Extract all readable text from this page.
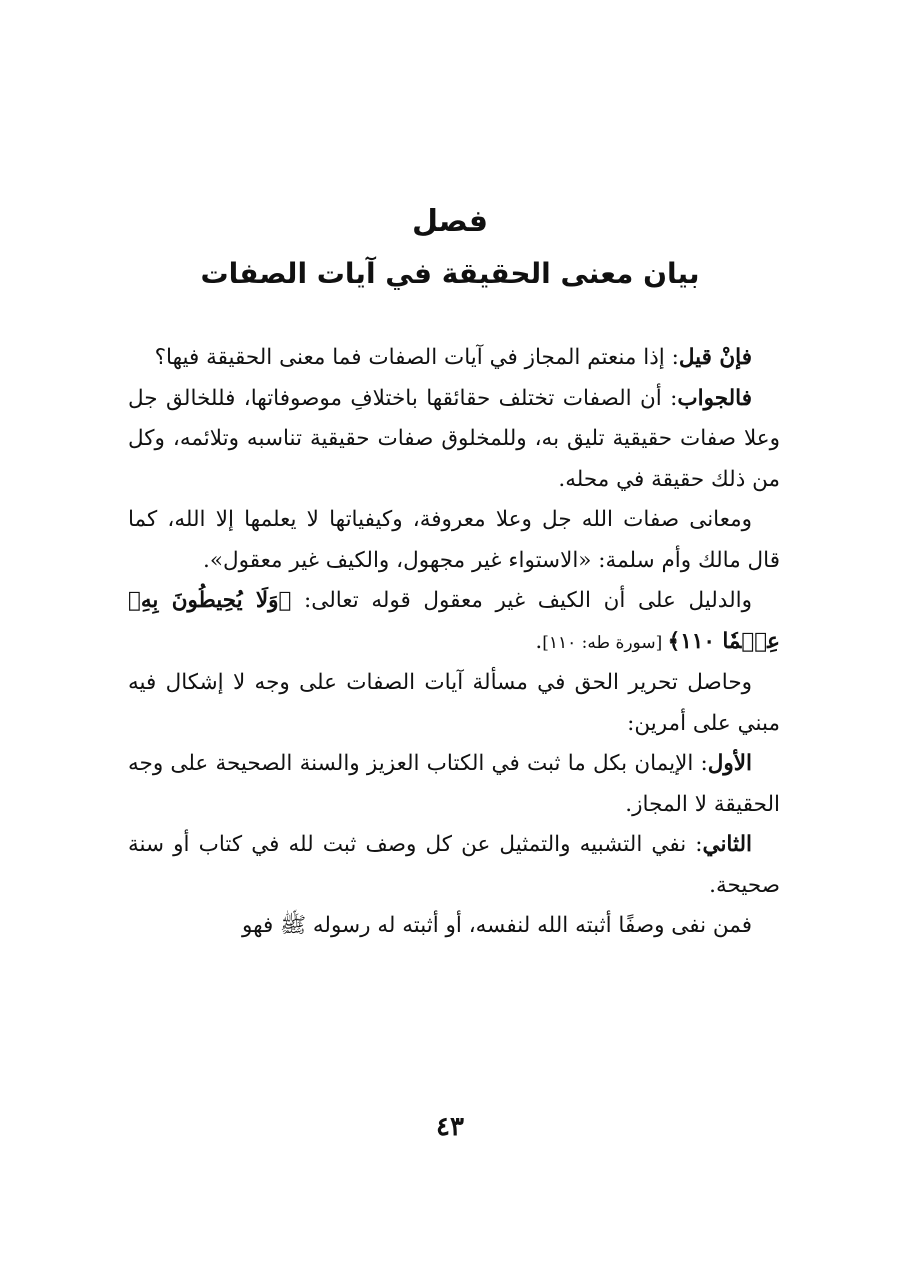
فصل
بيان معنى الحقيقة في آيات الصفات

فإنْ قيل: إذا منعتم المجاز في آيات الصفات فما معنى الحقيقة فيها؟

فالجواب: أن الصفات تختلف حقائقها باختلافِ موصوفاتها، فللخالق جل وعلا صفات حقيقية تليق به، وللمخلوق صفات حقيقية تناسبه وتلائمه، وكل من ذلك حقيقة في محله.

ومعانى صفات الله جل وعلا معروفة، وكيفياتها لا يعلمها إلا الله، كما قال مالك وأم سلمة: «الاستواء غير مجهول، والكيف غير معقول».

والدليل على أن الكيف غير معقول قوله تعالى: ﴿وَلَا يُحِيطُونَ بِهِۦ عِلۡمٗا ١١٠﴾ [سورة طه: ١١٠].

وحاصل تحرير الحق في مسألة آيات الصفات على وجه لا إشكال فيه مبني على أمرين:

الأول: الإيمان بكل ما ثبت في الكتاب العزيز والسنة الصحيحة على وجه الحقيقة لا المجاز.

الثاني: نفي التشبيه والتمثيل عن كل وصف ثبت لله في كتاب أو سنة صحيحة.

فمن نفى وصفًا أثبته الله لنفسه، أو أثبته له رسوله ﷺ فهو

٤٣
